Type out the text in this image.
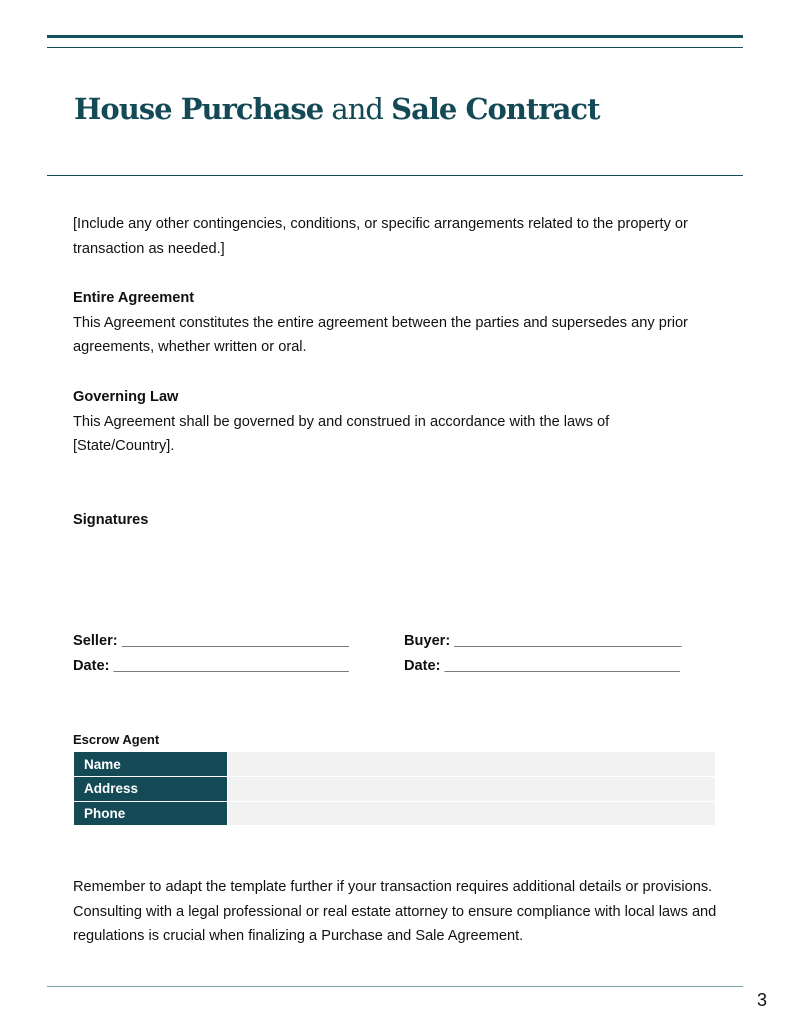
House Purchase and Sale Contract

[Include any other contingencies, conditions, or specific arrangements related to the property or transaction as needed.]

Entire Agreement

This Agreement constitutes the entire agreement between the parties and supersedes any prior agreements, whether written or oral.

Governing Law

This Agreement shall be governed by and construed in accordance with the laws of [State/Country].

Signatures
Seller: ____________________________	Buyer: ____________________________
Date: _____________________________	Date: _____________________________
Escrow Agent
Name	
Address	
Phone	

Remember to adapt the template further if your transaction requires additional details or provisions. Consulting with a legal professional or real estate attorney to ensure compliance with local laws and regulations is crucial when finalizing a Purchase and Sale Agreement.

3
